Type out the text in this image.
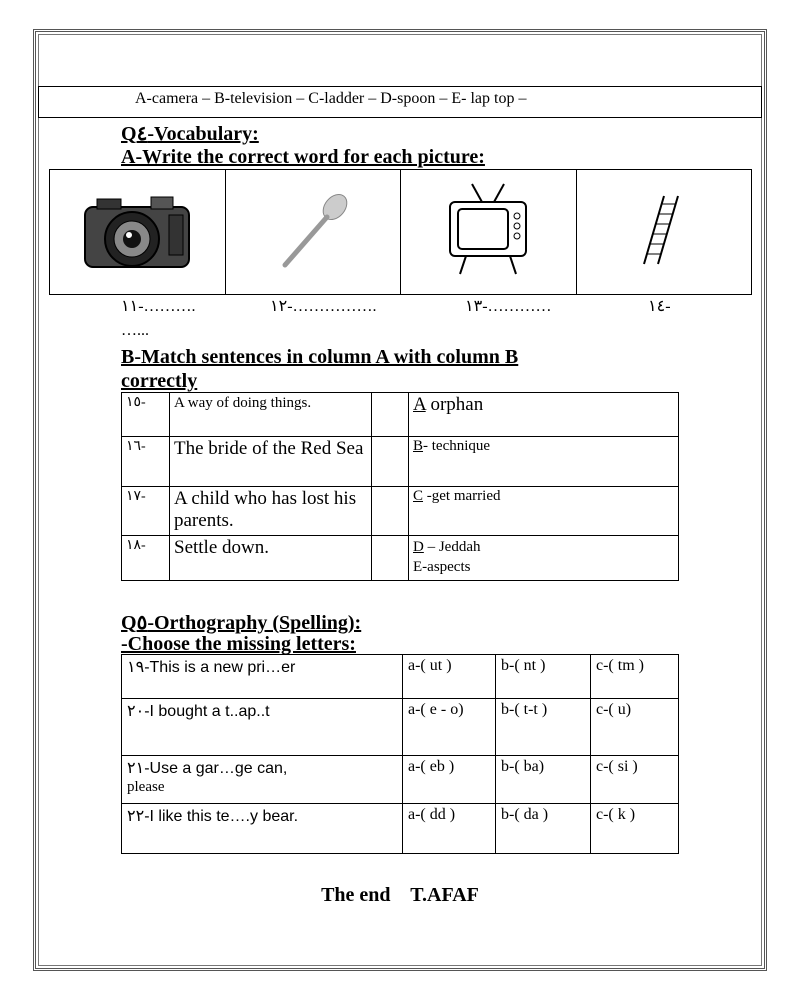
A-camera – B-television – C-ladder – D-spoon – E- lap top –
Q٤-Vocabulary:
A-Write the correct word for each picture:

١١-……….	١٢-…………….	١٣-…………	١٤-
…...
B-Match sentences in column A with column B
correctly
١٥-	A way of doing things.		A orphan
١٦-	The bride of the Red Sea		B- technique
١٧-	A child who has lost his parents.		C -get married
١٨-	Settle down.		D – Jeddah
E-aspects
Q٥-Orthography (Spelling):
-Choose the missing letters:
١٩-This is a new pri…er	a-( ut )	b-( nt )	c-( tm )
٢٠-I bought a t..ap..t	a-( e - o)	b-( t-t )	c-( u)
٢١-Use a gar…ge can,
please	a-( eb )	b-( ba)	c-( si )
٢٢-I like this te….y bear.	a-( dd )	b-( da )	c-( k )
The end    T.AFAF
